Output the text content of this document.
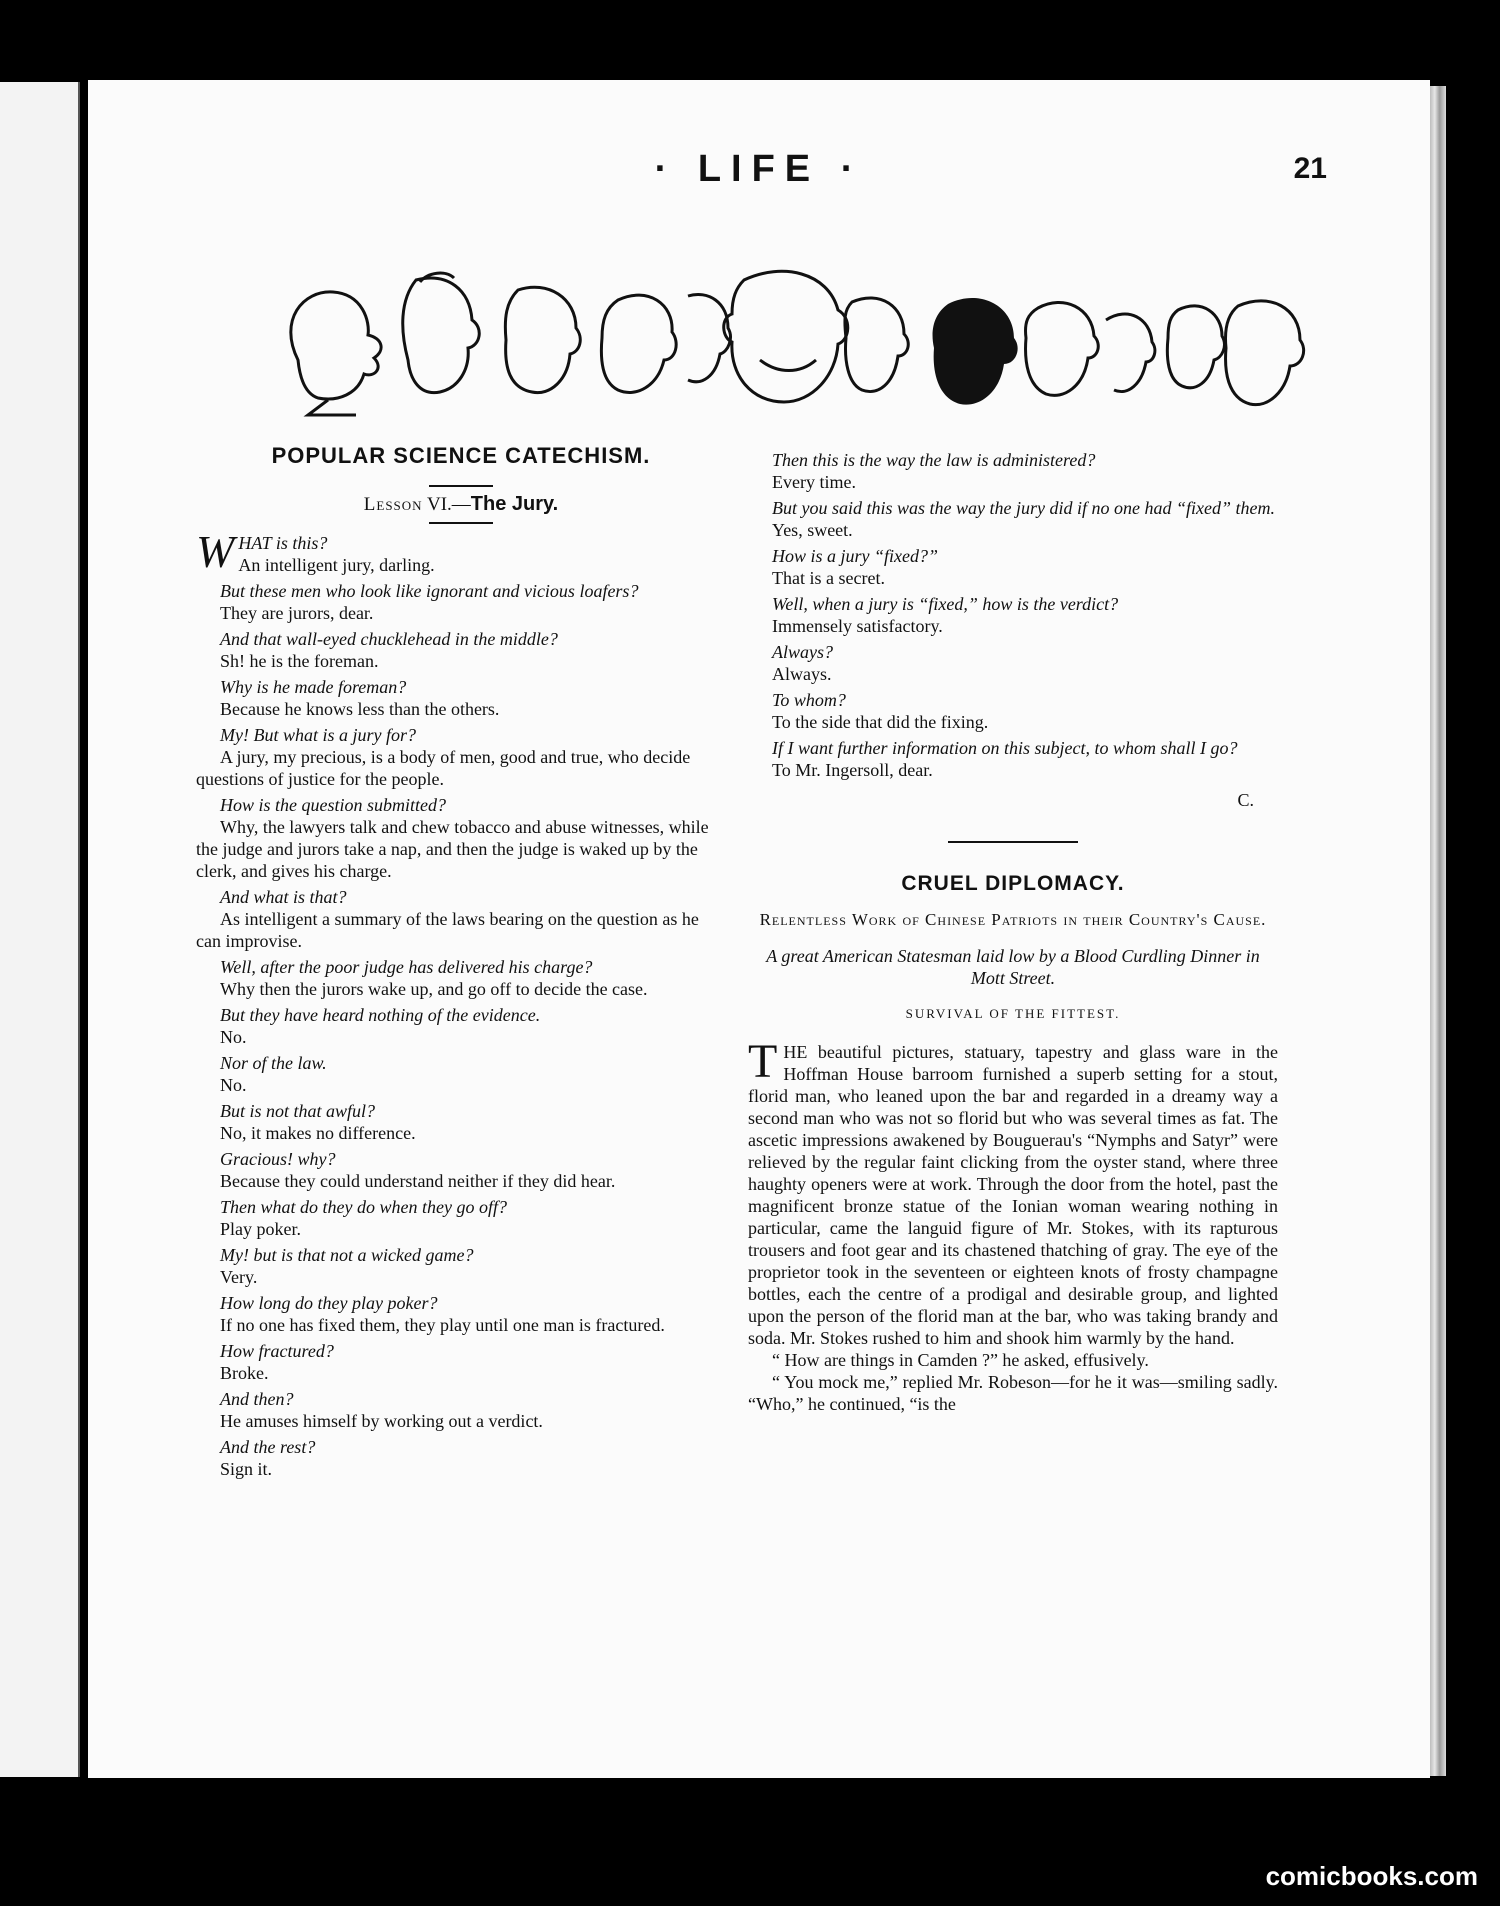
· LIFE ·	21
POPULAR SCIENCE CATECHISM.
Lesson VI.—The Jury.
WHAT is this?
An intelligent jury, darling.
But these men who look like ignorant and vicious loafers?
They are jurors, dear.
And that wall-eyed chucklehead in the middle?
Sh! he is the foreman.
Why is he made foreman?
Because he knows less than the others.
My! But what is a jury for?
A jury, my precious, is a body of men, good and true, who decide questions of justice for the people.
How is the question submitted?
Why, the lawyers talk and chew tobacco and abuse witnesses, while the judge and jurors take a nap, and then the judge is waked up by the clerk, and gives his charge.
And what is that?
As intelligent a summary of the laws bearing on the question as he can improvise.
Well, after the poor judge has delivered his charge?
Why then the jurors wake up, and go off to decide the case.
But they have heard nothing of the evidence.
No.
Nor of the law.
No.
But is not that awful?
No, it makes no difference.
Gracious! why?
Because they could understand neither if they did hear.
Then what do they do when they go off?
Play poker.
My! but is that not a wicked game?
Very.
How long do they play poker?
If no one has fixed them, they play until one man is fractured.
How fractured?
Broke.
And then?
He amuses himself by working out a verdict.
And the rest?
Sign it.
Then this is the way the law is administered?
Every time.
But you said this was the way the jury did if no one had “fixed” them.
Yes, sweet.
How is a jury “fixed?”
That is a secret.
Well, when a jury is “fixed,” how is the verdict?
Immensely satisfactory.
Always?
Always.
To whom?
To the side that did the fixing.
If I want further information on this subject, to whom shall I go?
To Mr. Ingersoll, dear.
C.
CRUEL DIPLOMACY.
Relentless Work of Chinese Patriots in their Country's Cause.
A great American Statesman laid low by a Blood Curdling Dinner in Mott Street.
SURVIVAL OF THE FITTEST.
THE beautiful pictures, statuary, tapestry and glass ware in the Hoffman House barroom furnished a superb setting for a stout, florid man, who leaned upon the bar and regarded in a dreamy way a second man who was not so florid but who was several times as fat. The ascetic impressions awakened by Bouguerau's “Nymphs and Satyr” were relieved by the regular faint clicking from the oyster stand, where three haughty openers were at work. Through the door from the hotel, past the magnificent bronze statue of the Ionian woman wearing nothing in particular, came the languid figure of Mr. Stokes, with its rapturous trousers and foot gear and its chastened thatching of gray. The eye of the proprietor took in the seventeen or eighteen knots of frosty champagne bottles, each the centre of a prodigal and desirable group, and lighted upon the person of the florid man at the bar, who was taking brandy and soda. Mr. Stokes rushed to him and shook him warmly by the hand.
“ How are things in Camden ?” he asked, effusively.
“ You mock me,” replied Mr. Robeson—for he it was—smiling sadly. “Who,” he continued, “is the
comicbooks.com
